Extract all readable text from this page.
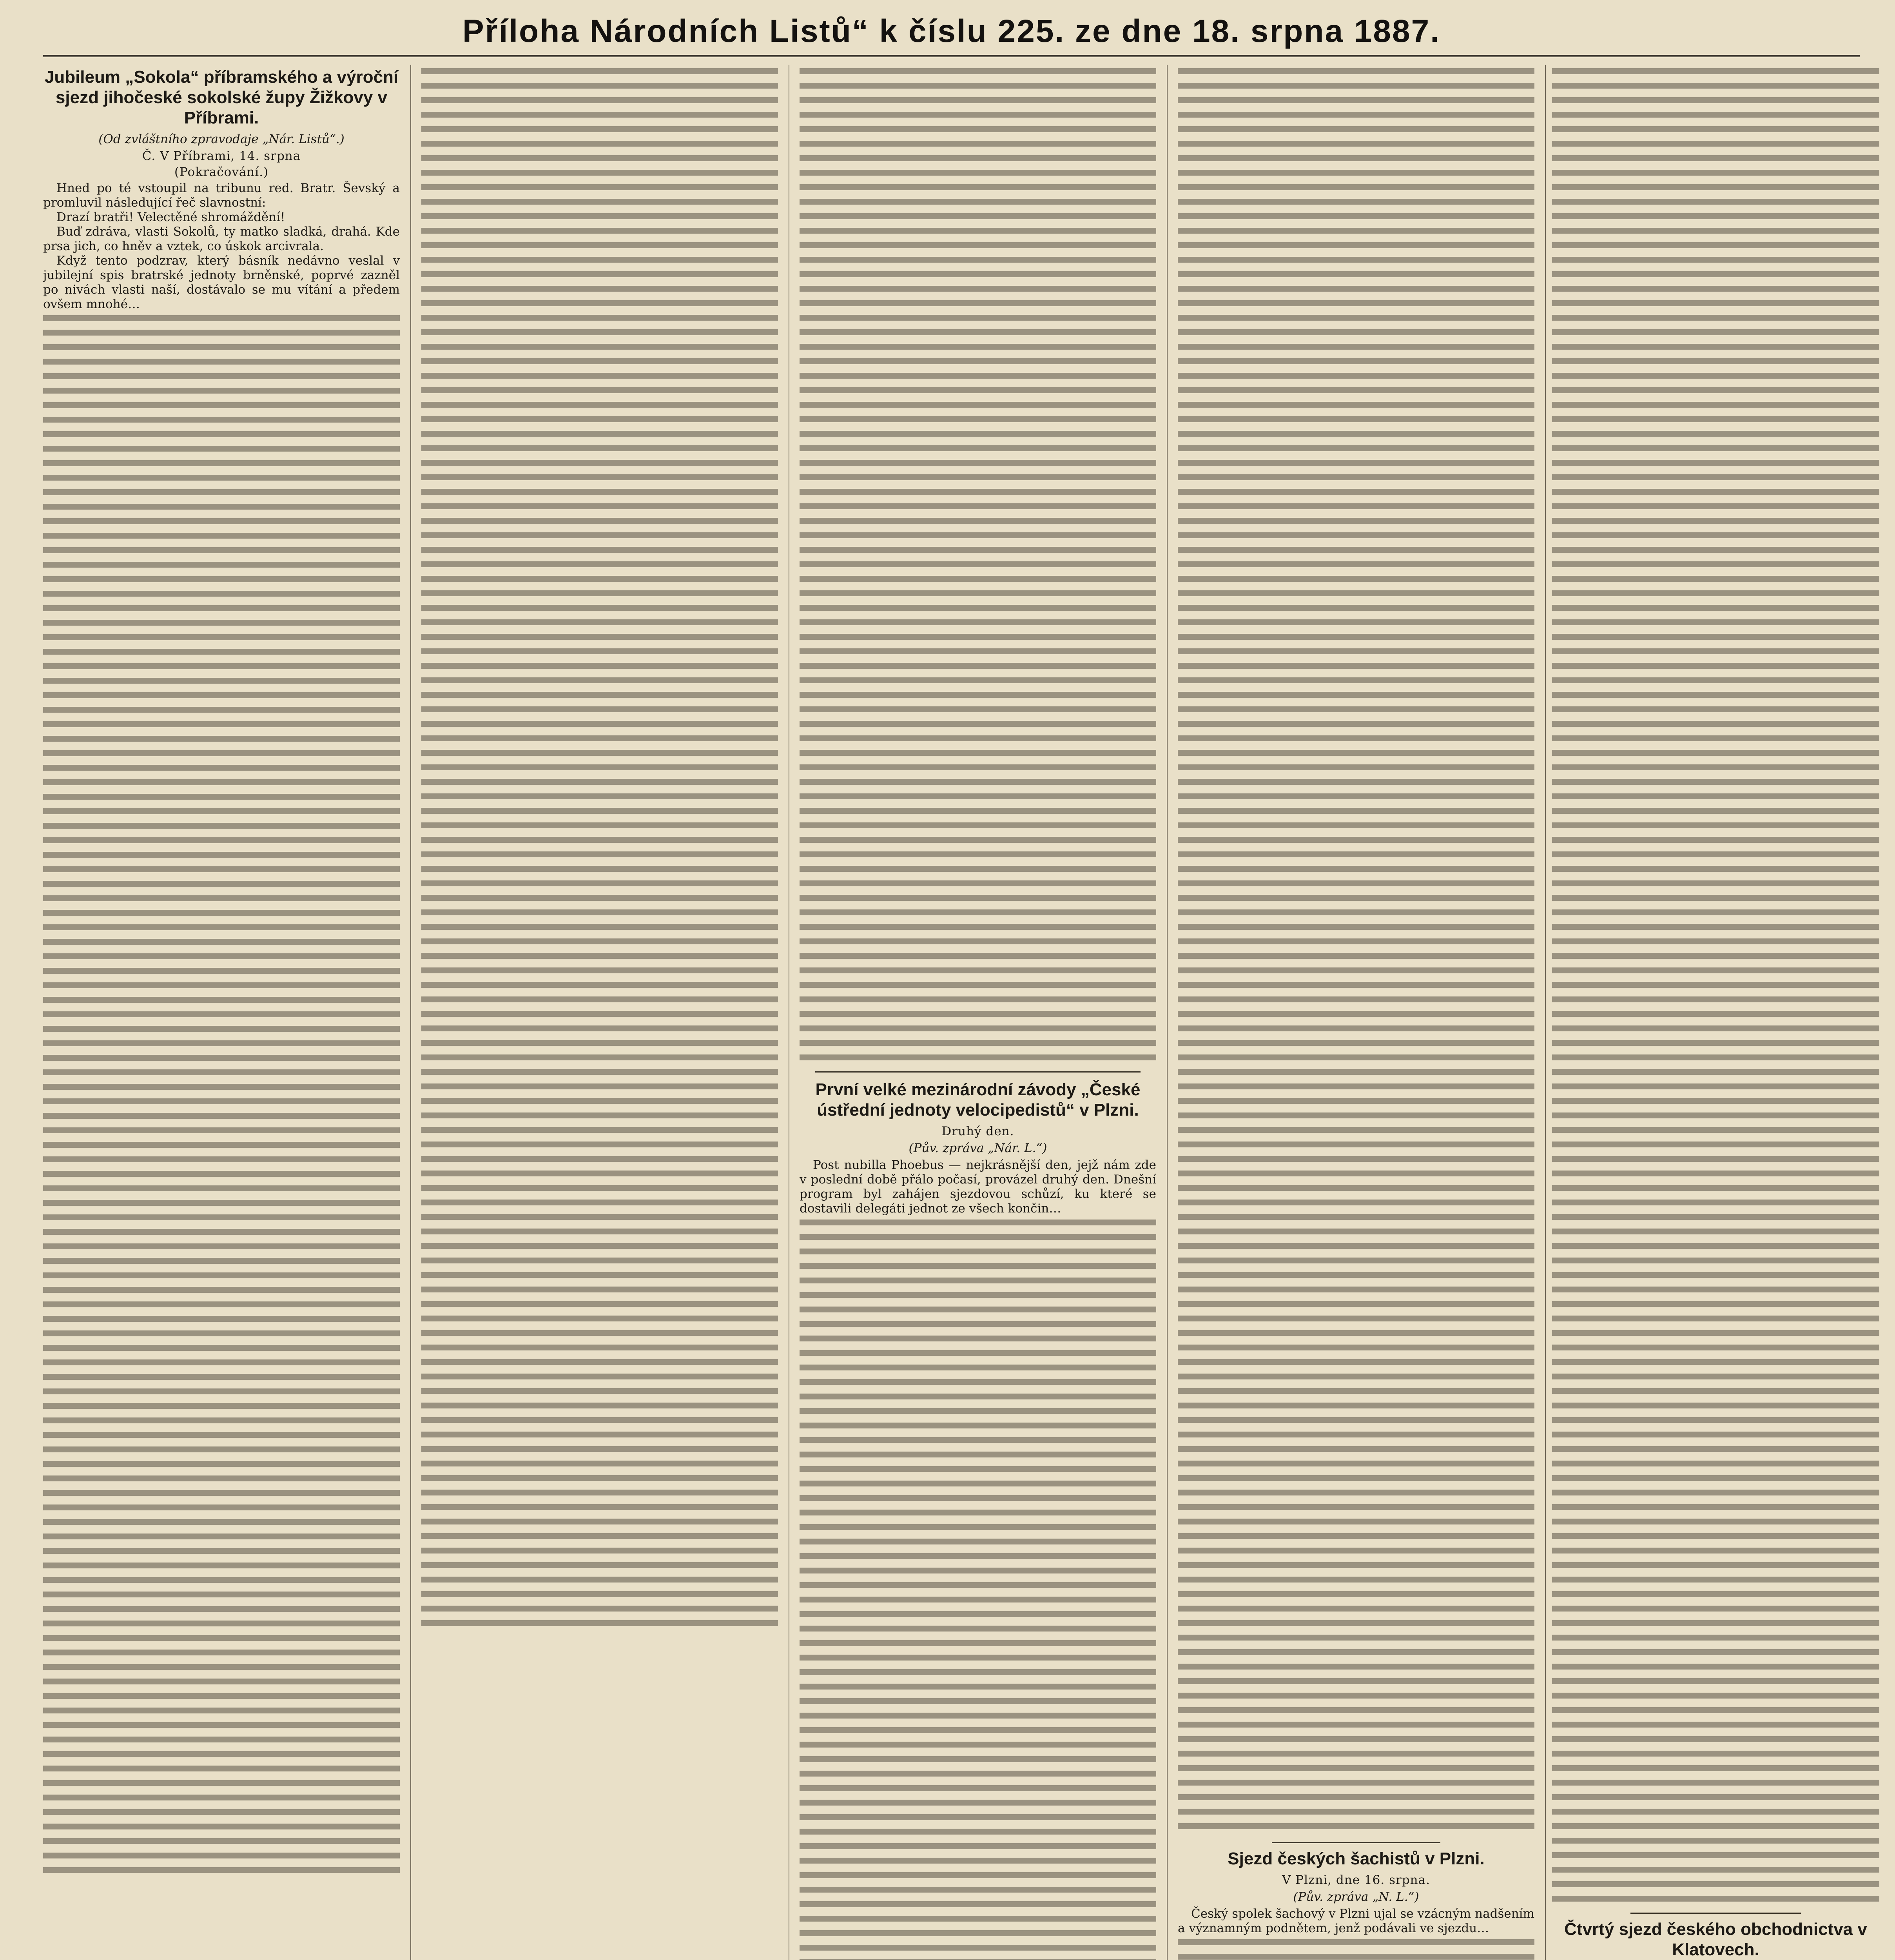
Příloha Národních Listů“ k číslu 225. ze dne 18. srpna 1887.
Jubileum „Sokola“ příbramského a výroční sjezd jihočeské sokolské župy Žižkovy v Příbrami.
(Od zvláštního zpravodaje „Nár. Listů“.)
Č. V Příbrami, 14. srpna
(Pokračování.)

Hned po té vstoupil na tribunu red. Bratr. Ševský a promluvil následující řeč slavnostní:

Drazí bratři! Velectěné shromáždění!

Buď zdráva, vlasti Sokolů, ty matko sladká, drahá. Kde prsa jich, co hněv a vztek, co úskok arcivrala.

Když tento podzrav, který básník nedávno veslal v jubilejní spis bratrské jednoty brněnské, poprvé zazněl po nivách vlasti naší, dostávalo se mu vítání a předem ovšem mnohé…

První velké mezinárodní závody „České ústřední jednoty velocipedistů“ v Plzni.
Druhý den.
(Pův. zpráva „Nár. L.“)

Post nubilla Phoebus — nejkrásnější den, jejž nám zde v poslední době přálo počasí, provázel druhý den. Dnešní program byl zahájen sjezdovou schůzí, ku které se dostavili delegáti jednot ze všech končin…

Sjezd českých šachistů v Plzni.
V Plzni, dne 16. srpna.
(Pův. zpráva „N. L.“)

Český spolek šachový v Plzni ujal se vzácným nadšením a významným podnětem, jenž podávali ve sjezdu…	Čtvrtý sjezd českého obchodnictva v Klatovech.
